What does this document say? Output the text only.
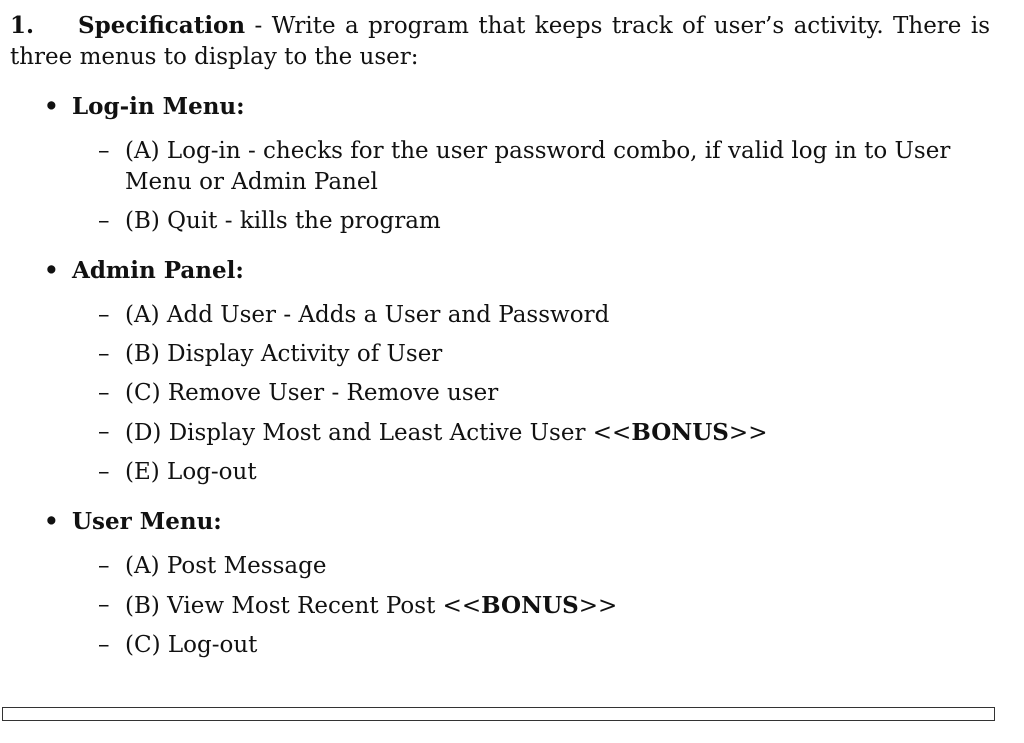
1. Specification - Write a program that keeps track of user’s activity. There is three menus to display to the user:

• Log-in Menu:
– (A) Log-in - checks for the user password combo, if valid log in to User Menu or Admin Panel
– (B) Quit - kills the program
• Admin Panel:
– (A) Add User - Adds a User and Password
– (B) Display Activity of User
– (C) Remove User - Remove user
– (D) Display Most and Least Active User <<BONUS>>
– (E) Log-out
• User Menu:
– (A) Post Message
– (B) View Most Recent Post <<BONUS>>
– (C) Log-out
